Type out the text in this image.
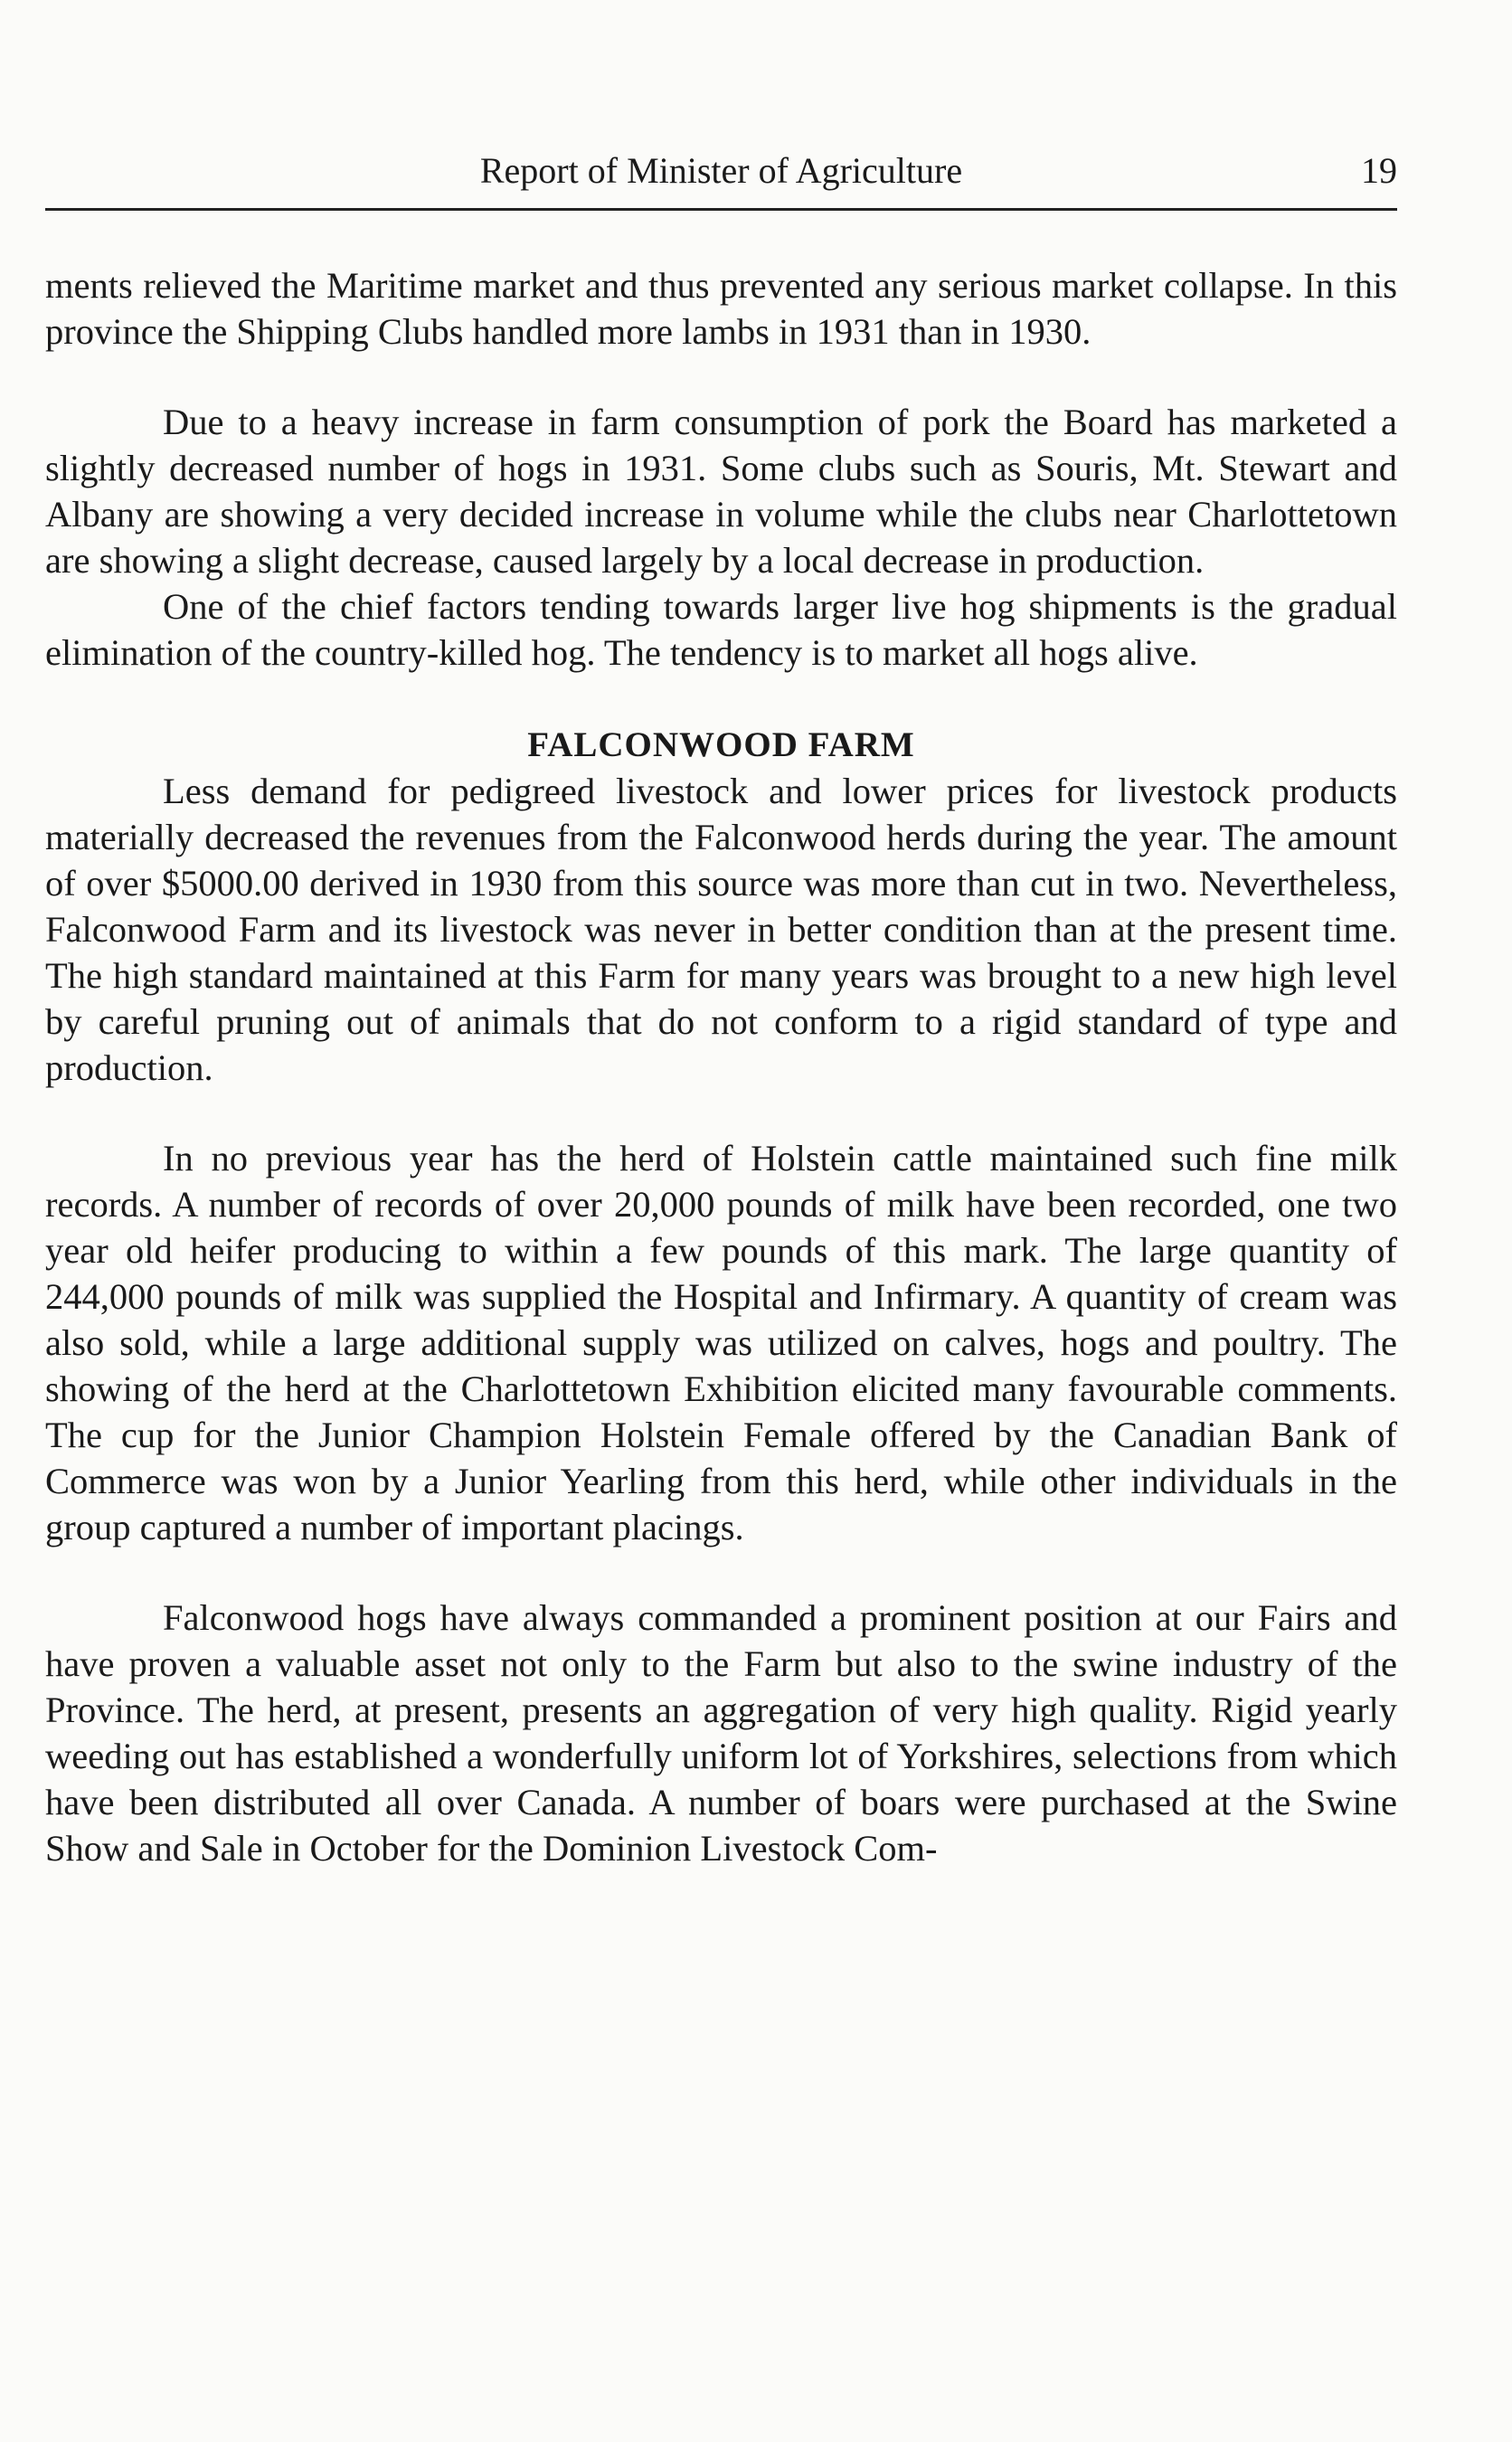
Report of Minister of Agriculture	19

ments relieved the Maritime market and thus prevented any serious market collapse. In this province the Shipping Clubs handled more lambs in 1931 than in 1930.

Due to a heavy increase in farm consumption of pork the Board has marketed a slightly decreased number of hogs in 1931. Some clubs such as Souris, Mt. Stewart and Albany are showing a very decided increase in volume while the clubs near Charlottetown are showing a slight decrease, caused largely by a local decrease in production.

One of the chief factors tending towards larger live hog shipments is the gradual elimination of the country-killed hog. The tendency is to market all hogs alive.

FALCONWOOD FARM

Less demand for pedigreed livestock and lower prices for livestock products materially decreased the revenues from the Falconwood herds during the year. The amount of over $5000.00 derived in 1930 from this source was more than cut in two. Nevertheless, Falconwood Farm and its livestock was never in better condition than at the present time. The high standard maintained at this Farm for many years was brought to a new high level by careful pruning out of animals that do not conform to a rigid standard of type and production.

In no previous year has the herd of Holstein cattle maintained such fine milk records. A number of records of over 20,000 pounds of milk have been recorded, one two year old heifer producing to within a few pounds of this mark. The large quantity of 244,000 pounds of milk was supplied the Hospital and Infirmary. A quantity of cream was also sold, while a large additional supply was utilized on calves, hogs and poultry. The showing of the herd at the Charlottetown Exhibition elicited many favourable comments. The cup for the Junior Champion Holstein Female offered by the Canadian Bank of Commerce was won by a Junior Yearling from this herd, while other individuals in the group captured a number of important placings.

Falconwood hogs have always commanded a prominent position at our Fairs and have proven a valuable asset not only to the Farm but also to the swine industry of the Province. The herd, at present, presents an aggregation of very high quality. Rigid yearly weeding out has established a wonderfully uniform lot of Yorkshires, selections from which have been distributed all over Canada. A number of boars were purchased at the Swine Show and Sale in October for the Dominion Livestock Com-
